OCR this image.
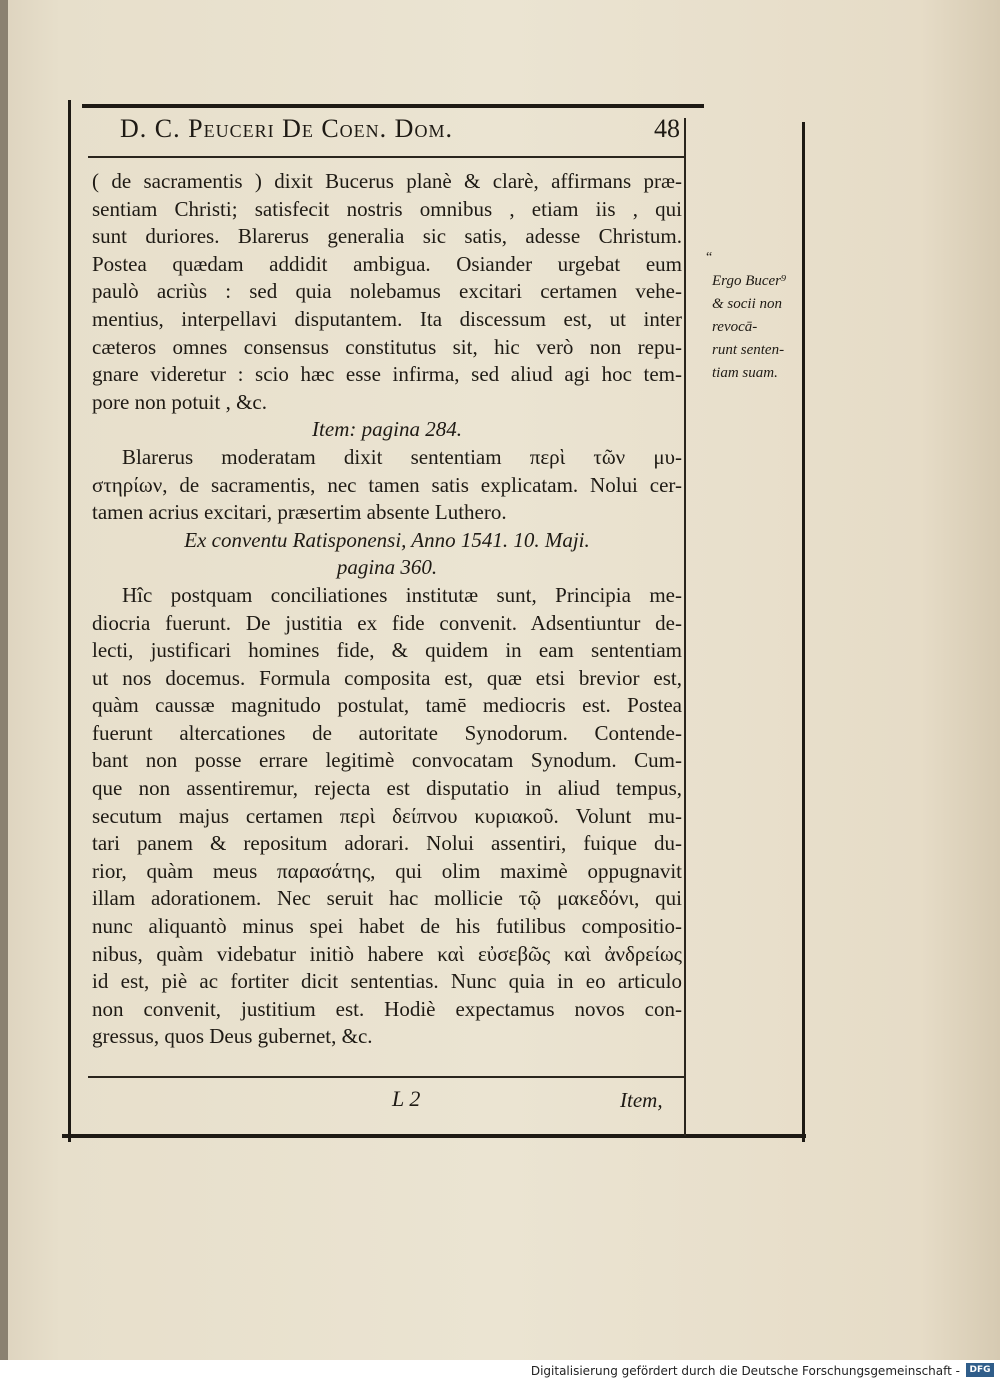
D. C. Peuceri De Coen. Dom.	48
( de sacramentis ) dixit Bucerus planè & clarè, affirmans præ-
sentiam Christi; satisfecit nostris omnibus , etiam iis , qui
sunt duriores. Blarerus generalia sic satis, adesse Christum.
Postea quædam addidit ambigua. Osiander urgebat eum
paulò acriùs : sed quia nolebamus excitari certamen vehe-
mentius, interpellavi disputantem. Ita discessum est, ut inter
cæteros omnes consensus constitutus sit, hic verò non repu-
gnare videretur : scio hæc esse infirma, sed aliud agi hoc tem-
pore non potuit , &c.
Item: pagina 284.
Blarerus moderatam dixit sententiam περὶ τῶν μυ-
στηρίων, de sacramentis, nec tamen satis explicatam. Nolui cer-
tamen acrius excitari, præsertim absente Luthero.
Ex conventu Ratisponensi, Anno 1541. 10. Maji.
pagina 360.
Hîc postquam conciliationes institutæ sunt, Principia me-
diocria fuerunt. De justitia ex fide convenit. Adsentiuntur de-
lecti, justificari homines fide, & quidem in eam sententiam
ut nos docemus. Formula composita est, quæ etsi brevior est,
quàm caussæ magnitudo postulat, tamē mediocris est. Postea
fuerunt altercationes de autoritate Synodorum. Contende-
bant non posse errare legitimè convocatam Synodum. Cum-
que non assentiremur, rejecta est disputatio in aliud tempus,
secutum majus certamen περὶ δείπνου κυριακοῦ. Volunt mu-
tari panem & repositum adorari. Nolui assentiri, fuique du-
rior, quàm meus παρασάτης, qui olim maximè oppugnavit
illam adorationem. Nec seruit hac mollicie τῷ μακεδόνι, qui
nunc aliquantò minus spei habet de his futilibus compositio-
nibus, quàm videbatur initiò habere καὶ εὐσεβῶς καὶ ἀνδρείως
id est, piè ac fortiter dicit sententias. Nunc quia in eo articulo
non convenit, justitium est. Hodiè expectamus novos con-
gressus, quos Deus gubernet, &c.
“
Ergo Bucer⁹
& socii non
revocā-
runt senten-
tiam suam.
L 2	Item,
Digitalisierung gefördert durch die Deutsche Forschungsgemeinschaft -	DFG
